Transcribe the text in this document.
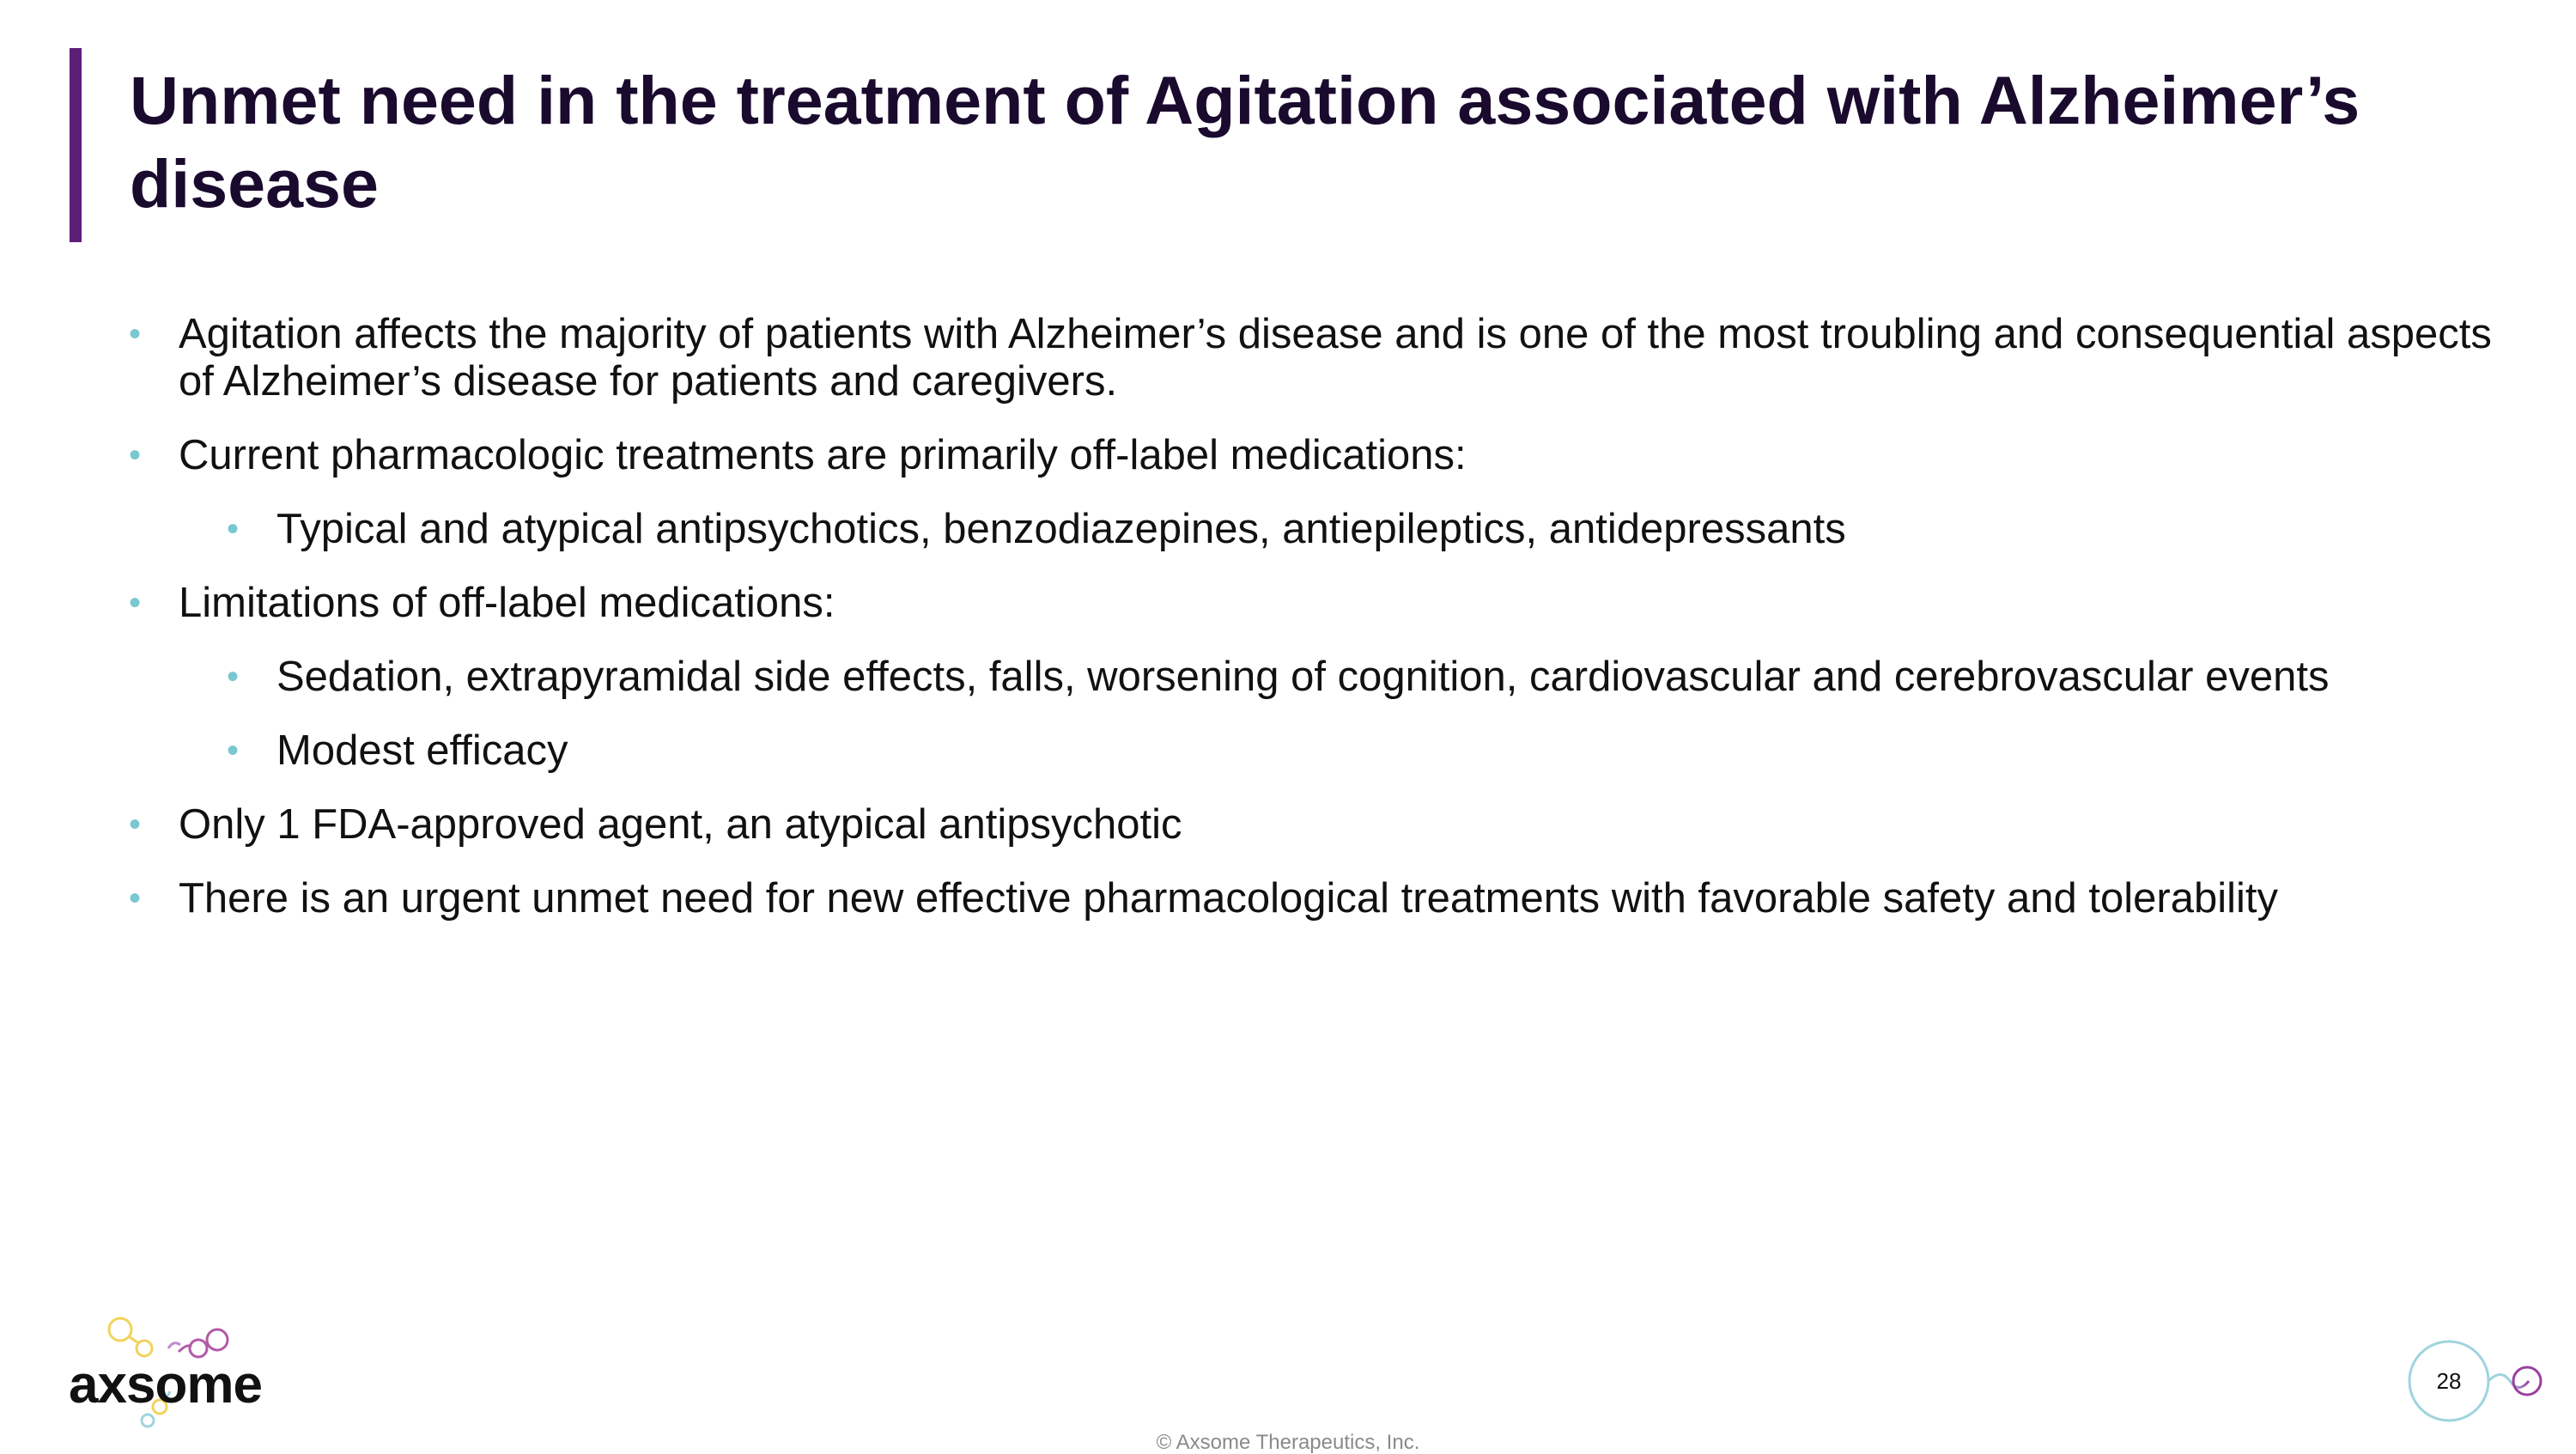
Unmet need in the treatment of Agitation associated with Alzheimer’s disease
• Agitation affects the majority of patients with Alzheimer’s disease and is one of the most troubling and consequential aspects of Alzheimer’s disease for patients and caregivers.
• Current pharmacologic treatments are primarily off-label medications:
• Typical and atypical antipsychotics, benzodiazepines, antiepileptics, antidepressants
• Limitations of off-label medications:
• Sedation, extrapyramidal side effects, falls, worsening of cognition, cardiovascular and cerebrovascular events
• Modest efficacy
• Only 1 FDA-approved agent, an atypical antipsychotic
• There is an urgent unmet need for new effective pharmacological treatments with favorable safety and tolerability
axsome	28
© Axsome Therapeutics, Inc.
